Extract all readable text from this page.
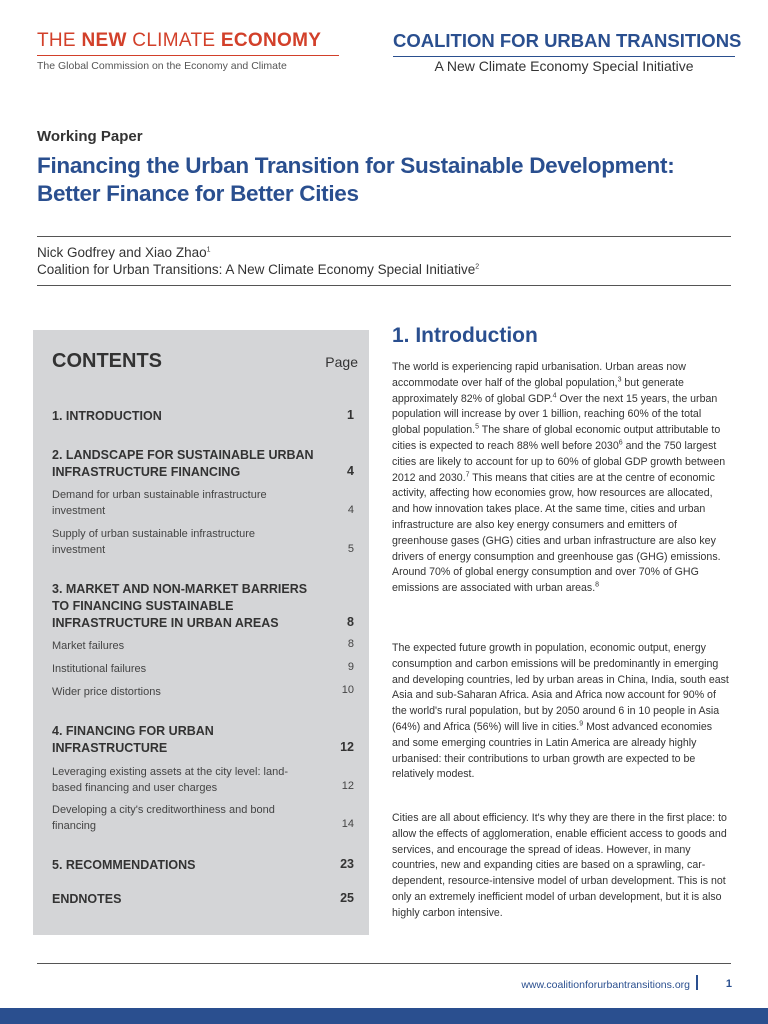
THE NEW CLIMATE ECONOMY
The Global Commission on the Economy and Climate
COALITION FOR URBAN TRANSITIONS
A New Climate Economy Special Initiative
Working Paper
Financing the Urban Transition for Sustainable Development:
Better Finance for Better Cities
Nick Godfrey and Xiao Zhao$^1$
Coalition for Urban Transitions: A New Climate Economy Special Initiative$^2$
CONTENTS	Page
1. INTRODUCTION	1
2. LANDSCAPE FOR SUSTAINABLE URBAN INFRASTRUCTURE FINANCING	4
Demand for urban sustainable infrastructure investment	4
Supply of urban sustainable infrastructure investment	5
3. MARKET AND NON-MARKET BARRIERS TO FINANCING SUSTAINABLE INFRASTRUCTURE IN URBAN AREAS	8
Market failures	8
Institutional failures	9
Wider price distortions	10
4. FINANCING FOR URBAN INFRASTRUCTURE	12
Leveraging existing assets at the city level: land-based financing and user charges	12
Developing a city's creditworthiness and bond financing	14
5. RECOMMENDATIONS	23
ENDNOTES	25
1. Introduction
The world is experiencing rapid urbanisation. Urban areas now accommodate over half of the global population,$^3$ but generate approximately 82% of global GDP.$^4$ Over the next 15 years, the urban population will increase by over 1 billion, reaching 60% of the total global population.$^5$ The share of global economic output attributable to cities is expected to reach 88% well before 2030$^6$ and the 750 largest cities are likely to account for up to 60% of global GDP growth between 2012 and 2030.$^7$ This means that cities are at the centre of economic activity, affecting how economies grow, how resources are allocated, and how innovation takes place. At the same time, cities and urban infrastructure are also key energy consumers and emitters of greenhouse gases (GHG) cities and urban infrastructure are also key drivers of energy consumption and greenhouse gas (GHG) emissions. Around 70% of global energy consumption and over 70% of GHG emissions are associated with urban areas.$^8$
The expected future growth in population, economic output, energy consumption and carbon emissions will be predominantly in emerging and developing countries, led by urban areas in China, India, south east Asia and sub-Saharan Africa. Asia and Africa now account for 90% of the world's rural population, but by 2050 around 6 in 10 people in Asia (64%) and Africa (56%) will live in cities.$^9$ Most advanced economies and some emerging countries in Latin America are already highly urbanised: their contributions to urban growth are expected to be relatively modest.
Cities are all about efficiency. It's why they are there in the first place: to allow the effects of agglomeration, enable efficient access to goods and services, and encourage the spread of ideas. However, in many countries, new and expanding cities are based on a sprawling, car-dependent, resource-intensive model of urban development. This is not only an extremely inefficient model of urban development, but it is also highly carbon intensive.
www.coalitionforurbantransitions.org	1
